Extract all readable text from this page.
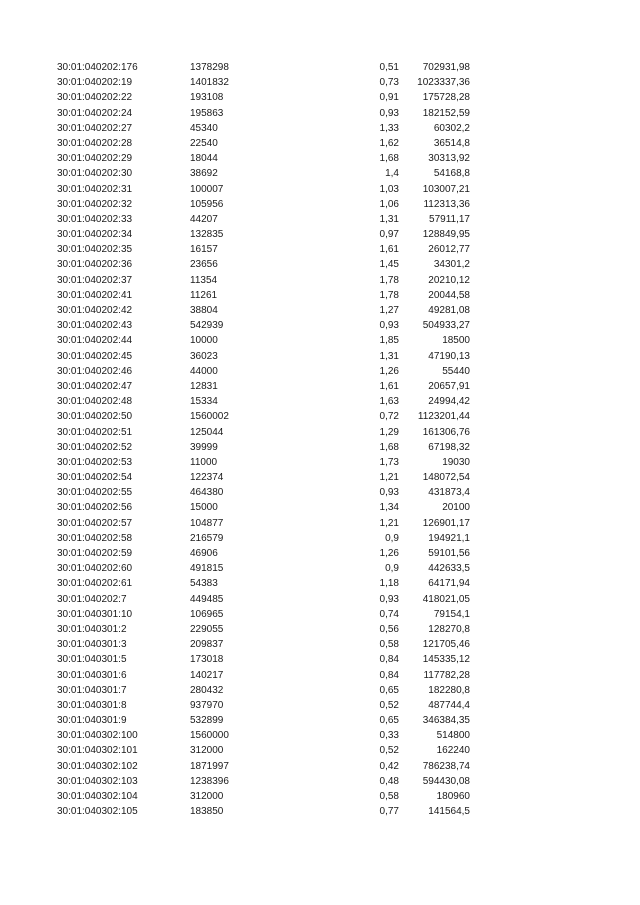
30:01:040202:176	1378298	0,51 702931,98
30:01:040202:19	1401832	0,73 1023337,36
30:01:040202:22	193108	0,91 175728,28
30:01:040202:24	195863	0,93 182152,59
30:01:040202:27	45340	1,33	60302,2
30:01:040202:28	22540	1,62	36514,8
30:01:040202:29	18044	1,68	30313,92
30:01:040202:30	38692	1,4	54168,8
30:01:040202:31	100007	1,03 103007,21
30:01:040202:32	105956	1,06 112313,36
30:01:040202:33	44207	1,31	57911,17
30:01:040202:34	132835	0,97 128849,95
30:01:040202:35	16157	1,61	26012,77
30:01:040202:36	23656	1,45	34301,2
30:01:040202:37	11354	1,78	20210,12
30:01:040202:41	11261	1,78	20044,58
30:01:040202:42	38804	1,27	49281,08
30:01:040202:43	542939	0,93 504933,27
30:01:040202:44	10000	1,85	18500
30:01:040202:45	36023	1,31	47190,13
30:01:040202:46	44000	1,26	55440
30:01:040202:47	12831	1,61	20657,91
30:01:040202:48	15334	1,63	24994,42
30:01:040202:50	1560002	0,72 1123201,44
30:01:040202:51	125044	1,29 161306,76
30:01:040202:52	39999	1,68	67198,32
30:01:040202:53	11000	1,73	19030
30:01:040202:54	122374	1,21 148072,54
30:01:040202:55	464380	0,93	431873,4
30:01:040202:56	15000	1,34	20100
30:01:040202:57	104877	1,21 126901,17
30:01:040202:58	216579	0,9	194921,1
30:01:040202:59	46906	1,26	59101,56
30:01:040202:60	491815	0,9	442633,5
30:01:040202:61	54383	1,18	64171,94
30:01:040202:7	449485	0,93 418021,05
30:01:040301:10	106965	0,74	79154,1
30:01:040301:2	229055	0,56	128270,8
30:01:040301:3	209837	0,58 121705,46
30:01:040301:5	173018	0,84 145335,12
30:01:040301:6	140217	0,84 117782,28
30:01:040301:7	280432	0,65	182280,8
30:01:040301:8	937970	0,52	487744,4
30:01:040301:9	532899	0,65 346384,35
30:01:040302:100	1560000	0,33	514800
30:01:040302:101	312000	0,52	162240
30:01:040302:102	1871997	0,42 786238,74
30:01:040302:103	1238396	0,48 594430,08
30:01:040302:104	312000	0,58	180960
30:01:040302:105	183850	0,77	141564,5
